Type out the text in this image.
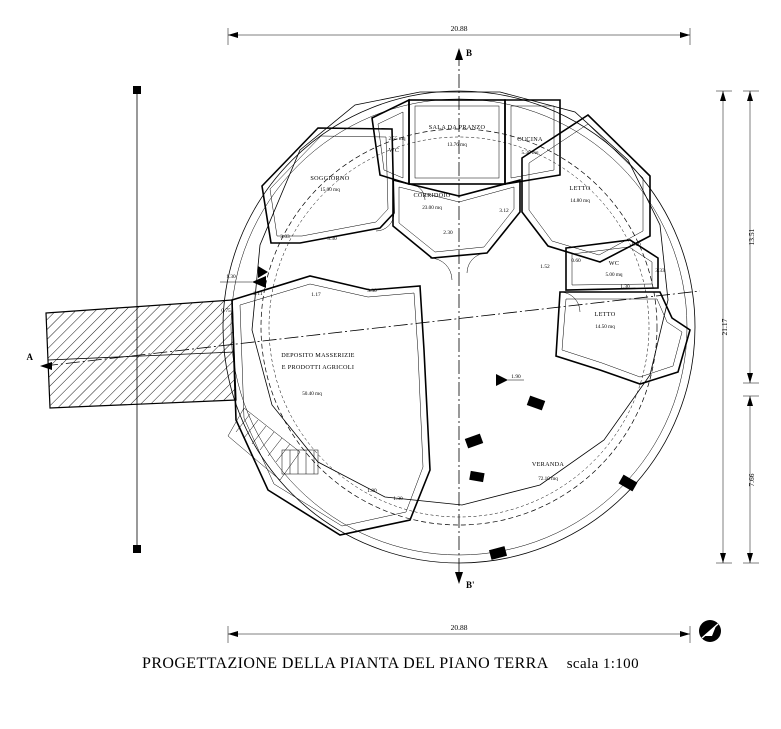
20.88
20.88
21.17
13.51
7.66
B
B'
A
SALA DA PRANZO
13.76 mq
CUCINA
5.30 mq
2.55 mq
WC
SOGGIORNO
15.00 mq
3.03	3.30
CORRIDOIO
23.00 mq
LETTO
14.80 mq
WC
5.00 mq
0.60
LETTO
14.50 mq
1.30
DEPOSITO MASSERIZIE
E PRODOTTI AGRICOLI
50.40 mq
2.11	1.17
3.30
1.80
1.30
VERANDA
72.10 mq
1.90
1.30
1.52
1.60
3.33
2.30
3.12
0.75
PROGETTAZIONE DELLA PIANTA DEL PIANO TERRA scala 1:100
